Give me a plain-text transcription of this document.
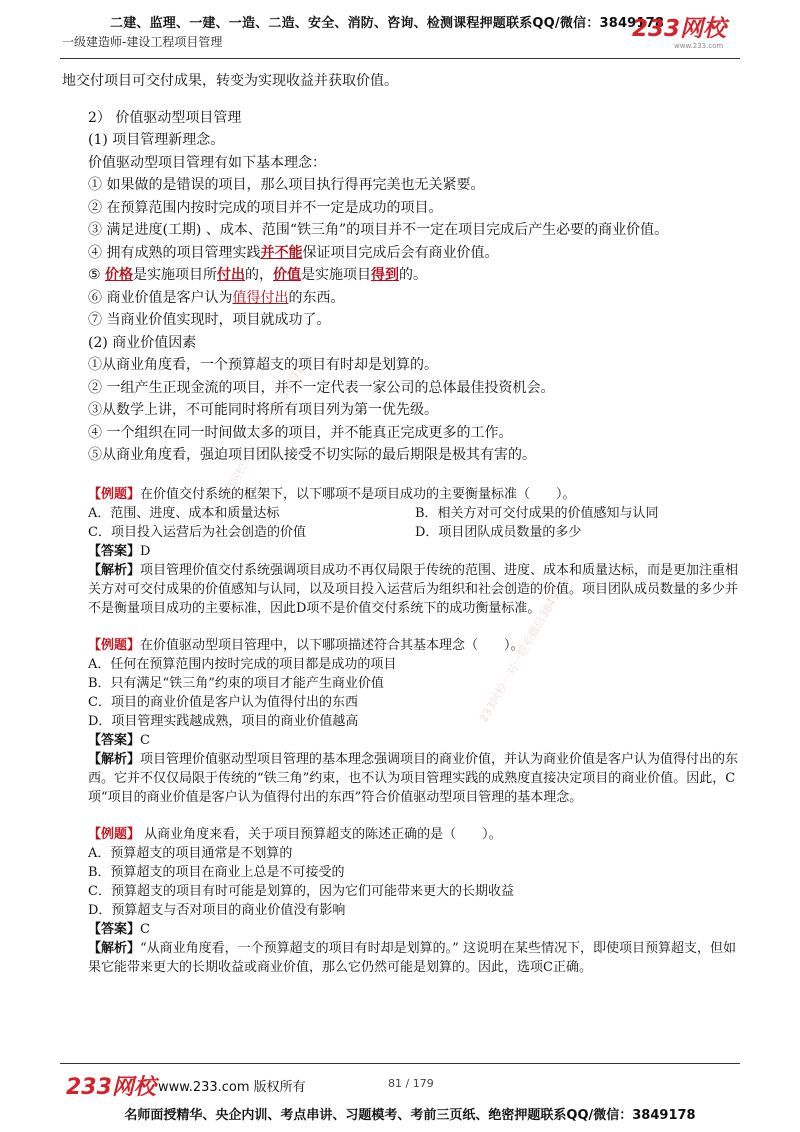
二建、监理、一建、一造、二造、安全、消防、咨询、检测课程押题联系QQ/微信：3849178
一级建造师-建设工程项目管理	233网校
www.233.com
233网校一对一联系微信3849178
233网校一对一联系微信3849178
地交付项目可交付成果，转变为实现收益并获取价值。
2） 价值驱动型项目管理
(1) 项目管理新理念。
价值驱动型项目管理有如下基本理念：
① 如果做的是错误的项目，那么项目执行得再完美也无关紧要。
② 在预算范围内按时完成的项目并不一定是成功的项目。
③ 满足进度(工期) 、成本、范围“铁三角”的项目并不一定在项目完成后产生必要的商业价值。
④ 拥有成熟的项目管理实践并不能保证项目完成后会有商业价值。
⑤ 价格是实施项目所付出的，价值是实施项目得到的。
⑥ 商业价值是客户认为值得付出的东西。
⑦ 当商业价值实现时，项目就成功了。
(2) 商业价值因素
①从商业角度看，一个预算超支的项目有时却是划算的。
② 一组产生正现金流的项目，并不一定代表一家公司的总体最佳投资机会。
③从数学上讲，不可能同时将所有项目列为第一优先级。
④ 一个组织在同一时间做太多的项目，并不能真正完成更多的工作。
⑤从商业角度看，强迫项目团队接受不切实际的最后期限是极其有害的。
【例题】在价值交付系统的框架下，以下哪项不是项目成功的主要衡量标准（　　）。
A．范围、进度、成本和质量达标	B．相关方对可交付成果的价值感知与认同
C．项目投入运营后为社会创造的价值	D．项目团队成员数量的多少
【答案】D
【解析】项目管理价值交付系统强调项目成功不再仅局限于传统的范围、进度、成本和质量达标，而是更加注重相关方对可交付成果的价值感知与认同，以及项目投入运营后为组织和社会创造的价值。项目团队成员数量的多少并不是衡量项目成功的主要标准，因此D项不是价值交付系统下的成功衡量标准。
【例题】在价值驱动型项目管理中，以下哪项描述符合其基本理念（　　）。
A．任何在预算范围内按时完成的项目都是成功的项目
B．只有满足“铁三角”约束的项目才能产生商业价值
C．项目的商业价值是客户认为值得付出的东西
D．项目管理实践越成熟，项目的商业价值越高
【答案】C
【解析】项目管理价值驱动型项目管理的基本理念强调项目的商业价值，并认为商业价值是客户认为值得付出的东西。它并不仅仅局限于传统的“铁三角”约束，也不认为项目管理实践的成熟度直接决定项目的商业价值。因此，C项“项目的商业价值是客户认为值得付出的东西”符合价值驱动型项目管理的基本理念。
【例题】 从商业角度来看，关于项目预算超支的陈述正确的是（　　）。
A．预算超支的项目通常是不划算的
B．预算超支的项目在商业上总是不可接受的
C．预算超支的项目有时可能是划算的，因为它们可能带来更大的长期收益
D．预算超支与否对项目的商业价值没有影响
【答案】C
【解析】“从商业角度看，一个预算超支的项目有时却是划算的。” 这说明在某些情况下，即使项目预算超支，但如果它能带来更大的长期收益或商业价值，那么它仍然可能是划算的。因此，选项C正确。
233网校 www.233.com 版权所有	81 / 179
名师面授精华、央企内训、考点串讲、习题模考、考前三页纸、绝密押题联系QQ/微信：3849178
